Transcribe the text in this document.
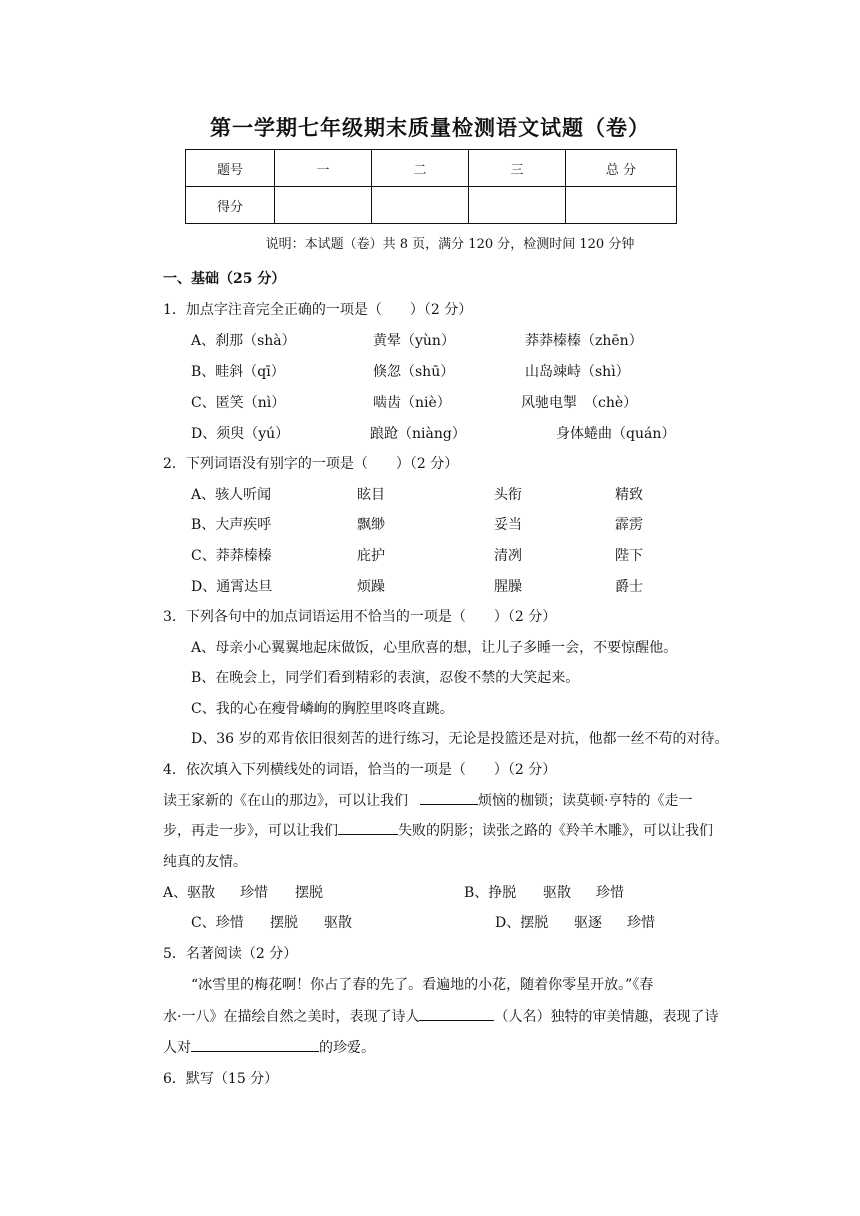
第一学期七年级期末质量检测语文试题（卷）
题号	一	二	三	总 分
得分				
说明：本试题（卷）共 8 页，满分 120 分，检测时间 120 分钟
一、基础（25 分）
1．加点字注音完全正确的一项是（　　）（2 分）
A、刹那（shà）	黄晕（yùn）	莽莽榛榛（zhēn）
B、畦斜（qī）	倏忽（shū）	山岛竦峙（shì）
C、匿笑（nì）	啮齿（niè）	风驰电掣　（chè）
D、须臾（yú）	踉跄（niàng）	身体蜷曲（quán）
2．下列词语没有别字的一项是（　　）（2 分）
A、骇人听闻	眩目	头衔	精致
B、大声疾呼	飘缈	妥当	霹雳
C、莽莽榛榛	庇护	清冽	陛下
D、通霄达旦	烦躁	腥臊	爵士
3．下列各句中的加点词语运用不恰当的一项是（　　）（2 分）
A、母亲小心翼翼地起床做饭，心里欣喜的想，让儿子多睡一会，不要惊醒他。
B、在晚会上，同学们看到精彩的表演，忍俊不禁的大笑起来。
C、我的心在瘦骨嶙峋的胸腔里咚咚直跳。
D、36 岁的邓肯依旧很刻苦的进行练习，无论是投篮还是对抗，他都一丝不苟的对待。
4．依次填入下列横线处的词语，恰当的一项是（　　）（2 分）
读王家新的《在山的那边》，可以让我们	烦恼的枷锁；读莫顿·亨特的《走一
步，再走一步》，可以让我们	失败的阴影；读张之路的《羚羊木雕》，可以让我们
纯真的友情。
A、驱散 珍惜 摆脱	B、挣脱 驱散 珍惜
C、珍惜 摆脱 驱散	D、摆脱 驱逐 珍惜
5．名著阅读（2 分）
“冰雪里的梅花啊！你占了春的先了。看遍地的小花，随着你零星开放。”《春
水·一八》在描绘自然之美时，表现了诗人	（人名）独特的审美情趣，表现了诗
人对	的珍爱。
6．默写（15 分）
